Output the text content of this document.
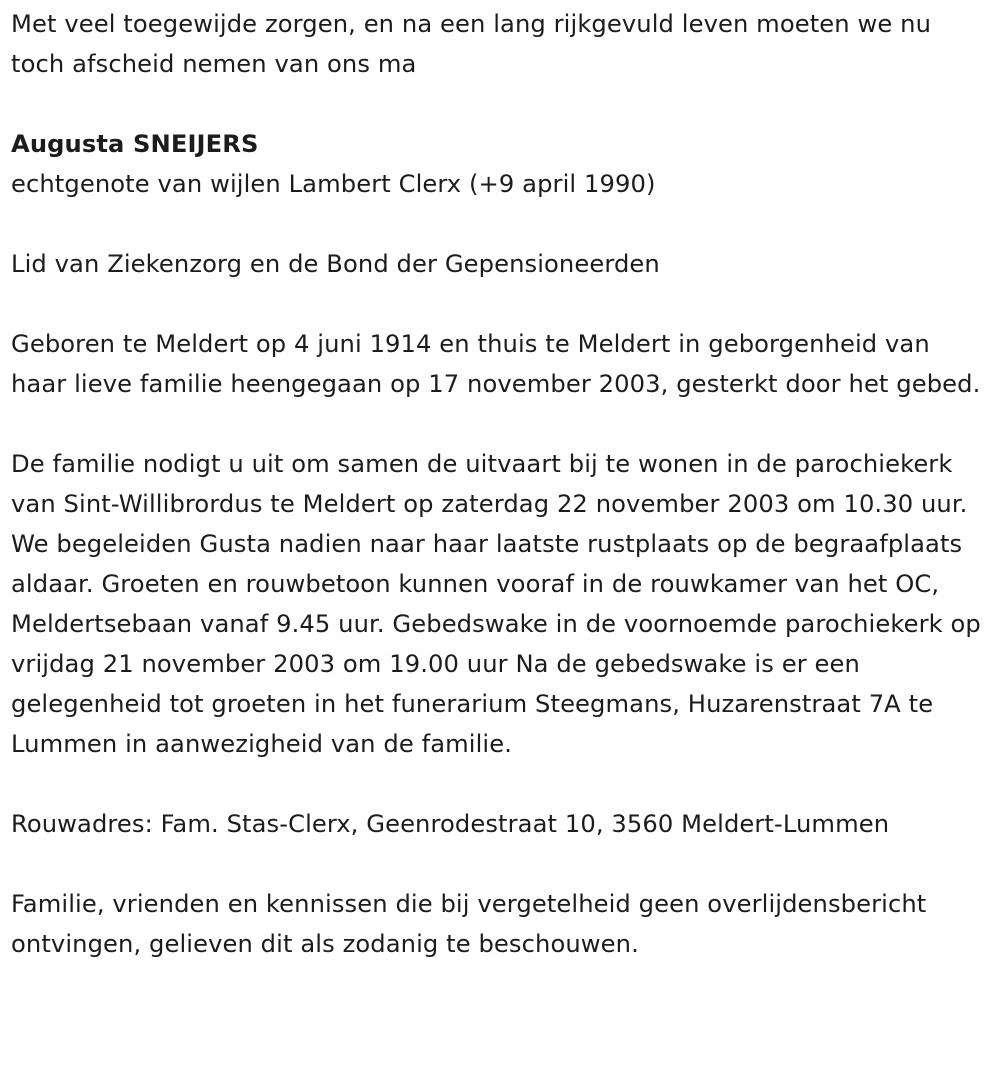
Met veel toegewijde zorgen, en na een lang rijkgevuld leven moeten we nu toch afscheid nemen van ons ma

Augusta SNEIJERS

echtgenote van wijlen Lambert Clerx (+9 april 1990)

Lid van Ziekenzorg en de Bond der Gepensioneerden

Geboren te Meldert op 4 juni 1914 en thuis te Meldert in geborgenheid van haar lieve familie heengegaan op 17 november 2003, gesterkt door het gebed.

De familie nodigt u uit om samen de uitvaart bij te wonen in de parochiekerk van Sint-Willibrordus te Meldert op zaterdag 22 november 2003 om 10.30 uur. We begeleiden Gusta nadien naar haar laatste rustplaats op de begraafplaats aldaar. Groeten en rouwbetoon kunnen vooraf in de rouwkamer van het OC, Meldertsebaan vanaf 9.45 uur. Gebedswake in de voornoemde parochiekerk op vrijdag 21 november 2003 om 19.00 uur Na de gebedswake is er een gelegenheid tot groeten in het funerarium Steegmans, Huzarenstraat 7A te Lummen in aanwezigheid van de familie.

Rouwadres: Fam. Stas-Clerx, Geenrodestraat 10, 3560 Meldert-Lummen

Familie, vrienden en kennissen die bij vergetelheid geen overlijdensbericht ontvingen, gelieven dit als zodanig te beschouwen.
